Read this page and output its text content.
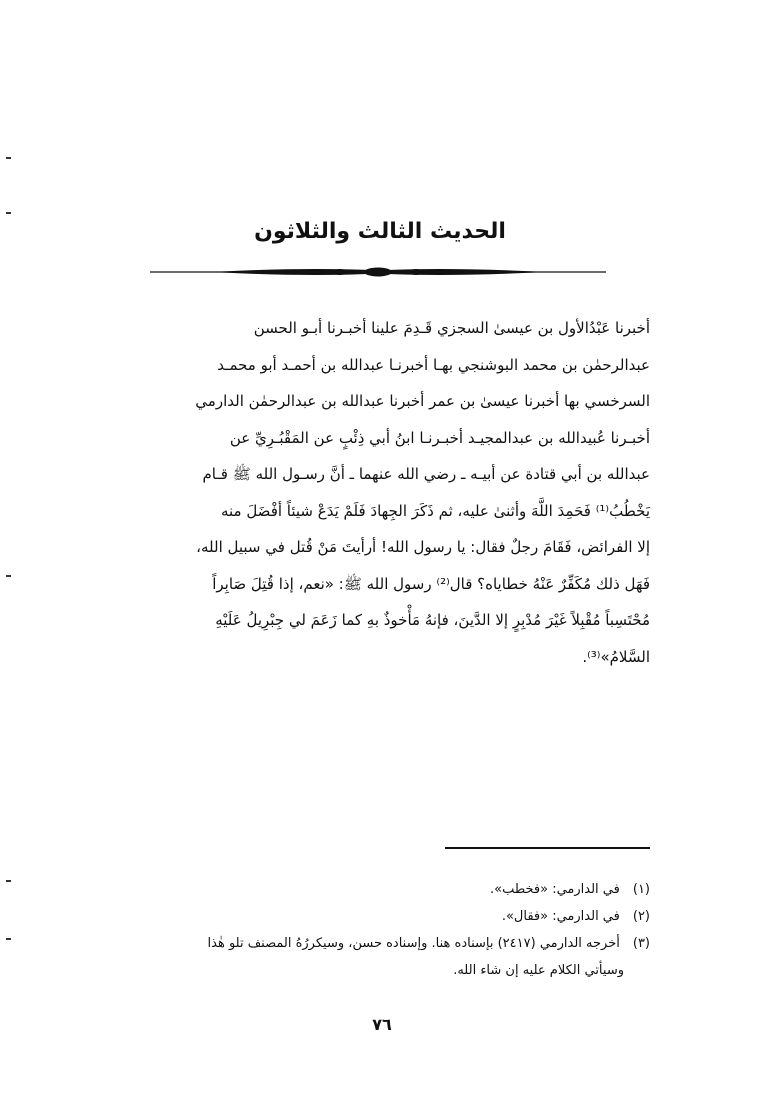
الحديث الثالث والثلاثون
أخبرنا عَبْدُالأول بن عيسىٰ السجزي قَـدِمَ علينا أخبـرنا أبـو الحسن
عبدالرحمٰن بن محمد البوشنجي بهـا أخبرنـا عبدالله بن أحمـد أبو محمـد
السرخسي بها أخبرنا عيسىٰ بن عمر أخبرنا عبدالله بن عبدالرحمٰن الدارمي
أخبـرنا عُبيدالله بن عبدالمجيـد أخبـرنـا ابنُ أبي ذِئْبٍ عن المَقْبُـرِيِّ عن
عبدالله بن أبي قتادة عن أبيـه ـ رضي الله عنهما ـ أنَّ رسـول الله ﷺ قـام
يَخْطُبُ⁽¹⁾ فَحَمِدَ اللَّهَ وأثنىٰ عليه، ثم ذَكَرَ الجِهادَ فَلَمْ يَدَعْ شيئاً أفْضَلَ منه
إلا الفرائض، فَقَامَ رجلٌ فقال: يا رسول الله! أرأيتَ مَنْ قُتل في سبيل الله،
فَهَل ذلك مُكَفِّرٌ عَنْهُ خطاياه؟ قال⁽²⁾ رسول الله ﷺ: «نعم، إذا قُتِلَ صَابِراً
مُحْتَسِباً مُقْبِلاً غَيْرَ مُدْبِرٍ إلا الدَّينَ، فإنهُ مَأْخوذٌ بهِ كما زَعَمَ لي جِبْرِيلُ عَلَيْهِ
السَّلامُ»⁽³⁾.

(١) في الدارمي: «فخطب».

(٢) في الدارمي: «فقال».

(٣) أخرجه الدارمي (٢٤١٧) بإسناده هنا. وإسناده حسن، وسيكررُهُ المصنف تلو هٰذا

وسيأتي الكلام عليه إن شاء الله.

٧٦
